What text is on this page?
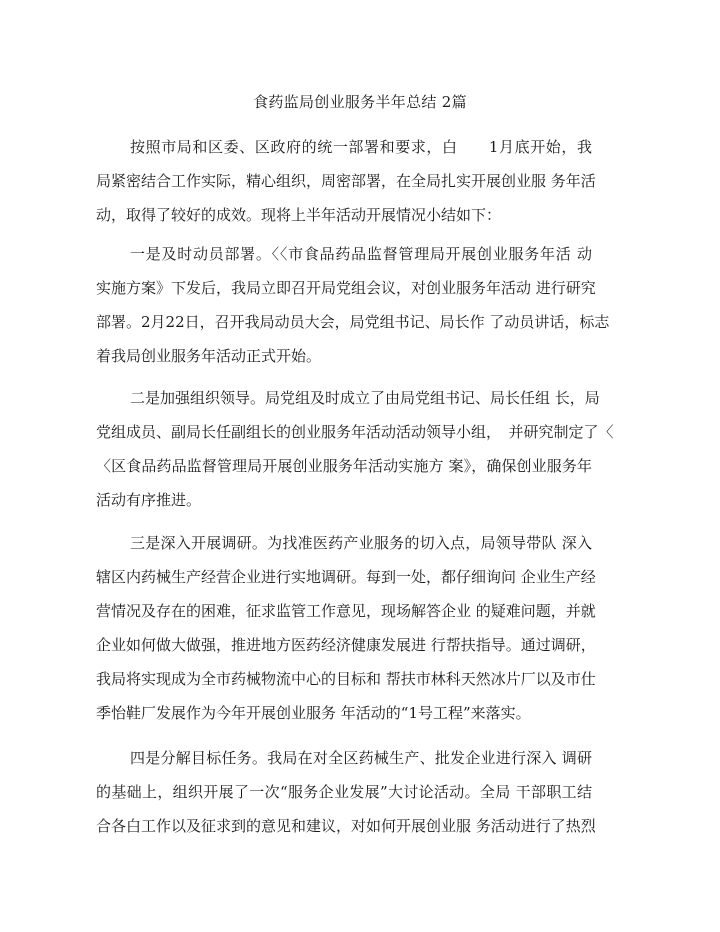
食药监局创业服务半年总结 2篇
按照市局和区委、区政府的统一部署和要求，白　　1月底开始，我
局紧密结合工作实际，精心组织，周密部署，在全局扎实开展创业服 务年活
动，取得了较好的成效。现将上半年活动开展情况小结如下：
一是及时动员部署。〈〈市食品药品监督管理局开展创业服务年活 动
实施方案》下发后，我局立即召开局党组会议，对创业服务年活动 进行研究
部署。2月22日，召开我局动员大会，局党组书记、局长作 了动员讲话，标志
着我局创业服务年活动正式开始。
二是加强组织领导。局党组及时成立了由局党组书记、局长任组 长，局
党组成员、副局长任副组长的创业服务年活动活动领导小组，　并研究制定了〈
〈区食品药品监督管理局开展创业服务年活动实施方 案》，确保创业服务年
活动有序推进。
三是深入开展调研。为找准医药产业服务的切入点，局领导带队 深入
辖区内药械生产经营企业进行实地调研。每到一处，都仔细询问 企业生产经
营情况及存在的困难，征求监管工作意见，现场解答企业 的疑难问题，并就
企业如何做大做强，推进地方医药经济健康发展进 行帮扶指导。通过调研，
我局将实现成为全市药械物流中心的目标和 帮扶市林科天然冰片厂以及市仕
季怡鞋厂发展作为今年开展创业服务 年活动的“1号工程”来落实。
四是分解目标任务。我局在对全区药械生产、批发企业进行深入 调研
的基础上，组织开展了一次“服务企业发展”大讨论活动。全局 干部职工结
合各白工作以及征求到的意见和建议，对如何开展创业服 务活动进行了热烈
